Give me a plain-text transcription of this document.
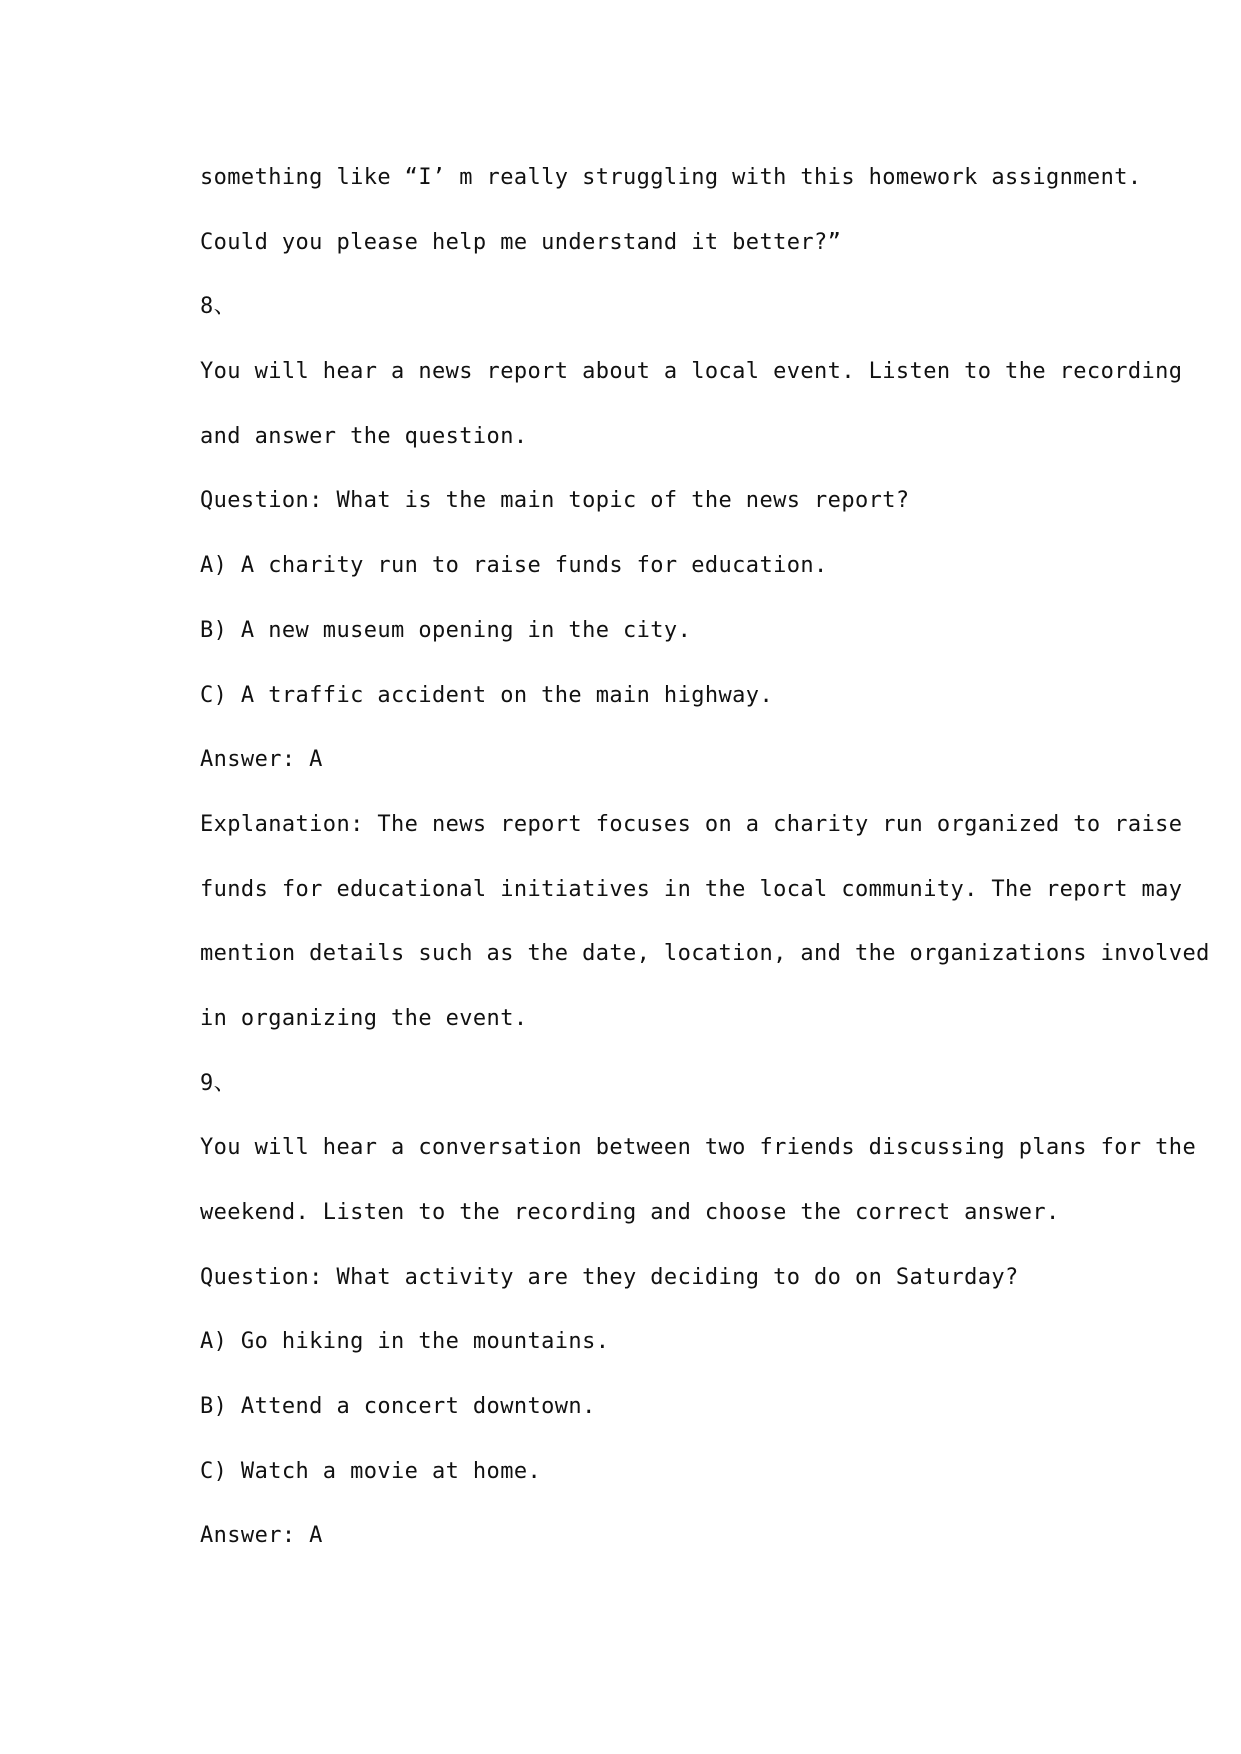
something like “I’ m really struggling with this homework assignment.
Could you please help me understand it better?”
8、
You will hear a news report about a local event. Listen to the recording
and answer the question.
Question: What is the main topic of the news report?
A) A charity run to raise funds for education.
B) A new museum opening in the city.
C) A traffic accident on the main highway.
Answer: A
Explanation: The news report focuses on a charity run organized to raise
funds for educational initiatives in the local community. The report may
mention details such as the date, location, and the organizations involved
in organizing the event.
9、
You will hear a conversation between two friends discussing plans for the
weekend. Listen to the recording and choose the correct answer.
Question: What activity are they deciding to do on Saturday?
A) Go hiking in the mountains.
B) Attend a concert downtown.
C) Watch a movie at home.
Answer: A
